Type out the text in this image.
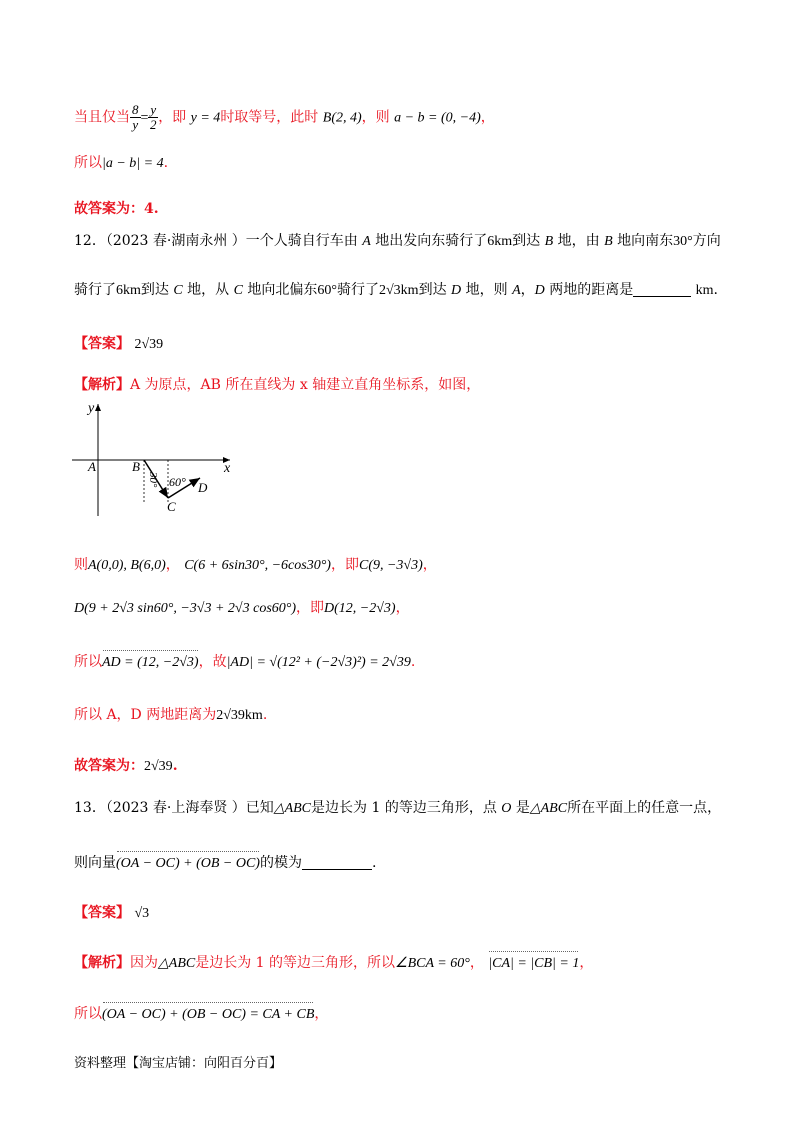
当且仅当 $\frac{8}{y} = \frac{y}{2}$ ，即 y = 4时取等号，此时 B(2, 4)，则 a − b = (0, −4)，
所以|a − b| = 4.
故答案为：4.
12．（2023 春·湖南永州 ）一个人骑自行车由 A 地出发向东骑行了6km到达 B 地，由 B 地向南东30°方向
骑行了6km到达 C 地，从 C 地向北偏东60°骑行了2√3km到达 D 地，则 A，D 两地的距离是	km.
【答案】 2√39
【解析】A 为原点，AB 所在直线为 x 轴建立直角坐标系，如图，
y
x
A	B
30° 60°
C
D
则A(0,0), B(6,0)， C(6 + 6sin30°, −6cos30°)，即C(9, −3√3)，
D(9 + 2√3 sin60°, −3√3 + 2√3 cos60°)，即D(12, −2√3)，
所以AD = (12, −2√3)，故|AD| = √(12² + (−2√3)²) = 2√39.
所以 A，D 两地距离为2√39km.
故答案为：2√39.
13．（2023 春·上海奉贤 ）已知△ABC是边长为 1 的等边三角形，点 O 是△ABC所在平面上的任意一点，
则向量(OA − OC) + (OB − OC)的模为	.
【答案】 √3
【解析】因为△ABC是边长为 1 的等边三角形，所以∠BCA = 60°， |CA| = |CB| = 1，
所以(OA − OC) + (OB − OC) = CA + CB，
资料整理【淘宝店铺：向阳百分百】
